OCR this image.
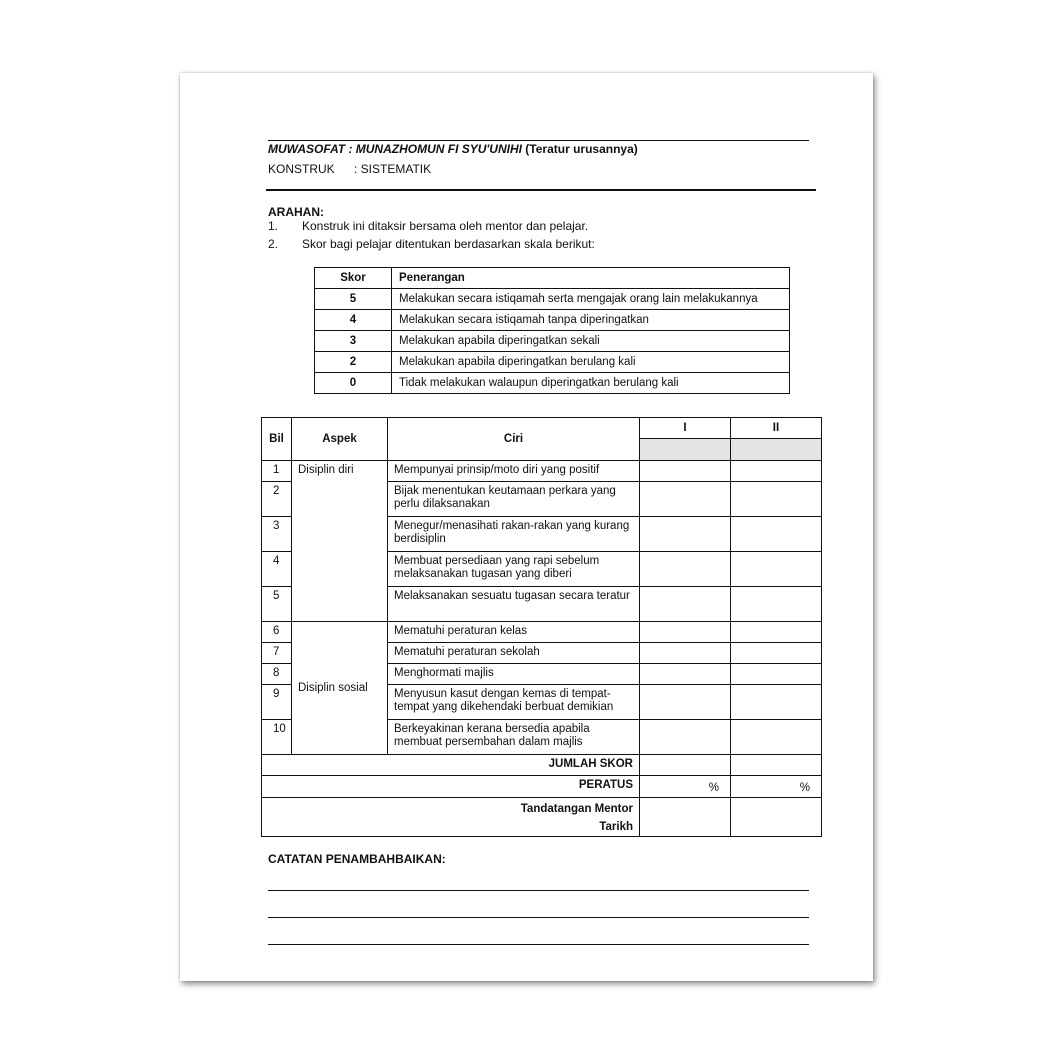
MUWASOFAT : MUNAZHOMUN FI SYU'UNIHI (Teratur urusannya)
KONSTRUK : SISTEMATIK
ARAHAN:
1. Konstruk ini ditaksir bersama oleh mentor dan pelajar.
2. Skor bagi pelajar ditentukan berdasarkan skala berikut:
Skor	Penerangan
5	Melakukan secara istiqamah serta mengajak orang lain melakukannya
4	Melakukan secara istiqamah tanpa diperingatkan
3	Melakukan apabila diperingatkan sekali
2	Melakukan apabila diperingatkan berulang kali
0	Tidak melakukan walaupun diperingatkan berulang kali
Bil	Aspek	Ciri	I	II

1	Disiplin diri	Mempunyai prinsip/moto diri yang positif		
2		Bijak menentukan keutamaan perkara yang perlu dilaksanakan		
3		Menegur/menasihati rakan-rakan yang kurang berdisiplin		
4		Membuat persediaan yang rapi sebelum melaksanakan tugasan yang diberi		
5		Melaksanakan sesuatu tugasan secara teratur		
6	Disiplin sosial	Mematuhi peraturan kelas		
7		Mematuhi peraturan sekolah		
8		Menghormati majlis		
9		Menyusun kasut dengan kemas di tempat-tempat yang dikehendaki berbuat demikian		
10		Berkeyakinan kerana bersedia apabila membuat persembahan dalam majlis		
JUMLAH SKOR				
PERATUS			%	%

Tandatangan Mentor
Tarikh				

CATATAN PENAMBAHBAIKAN:
